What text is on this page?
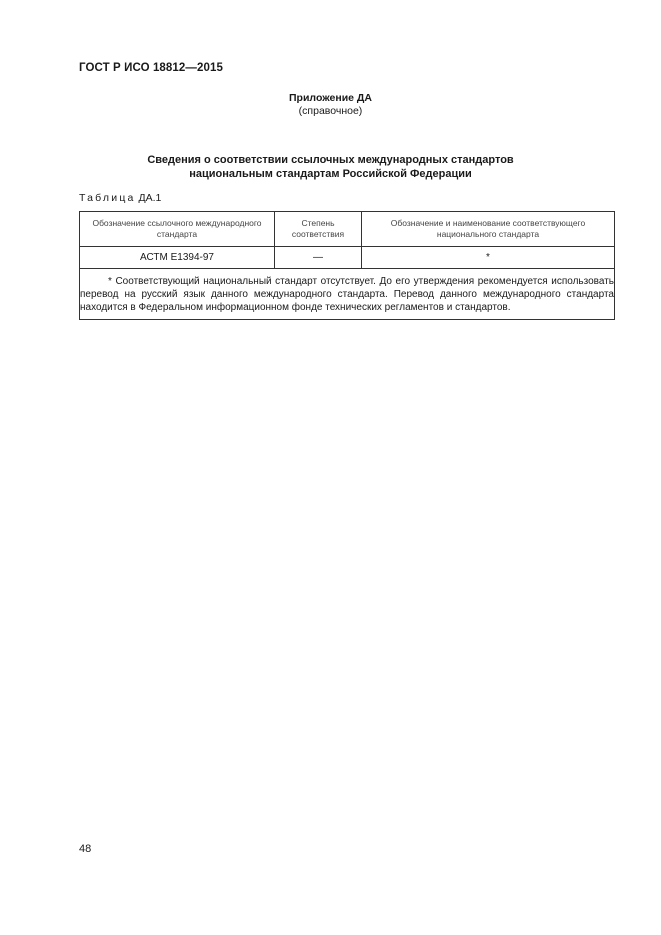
ГОСТ Р ИСО 18812—2015
Приложение ДА
(справочное)
Сведения о соответствии ссылочных международных стандартов
национальным стандартам Российской Федерации
Таблица ДА.1
Обозначение ссылочного международного стандарта	Степень соответствия	Обозначение и наименование соответствующего национального стандарта
АСТМ Е1394-97	—	*
* Соответствующий национальный стандарт отсутствует. До его утверждения рекомендуется использовать перевод на русский язык данного международного стандарта. Перевод данного международного стандарта находится в Федеральном информационном фонде технических регламентов и стандартов.		
48
